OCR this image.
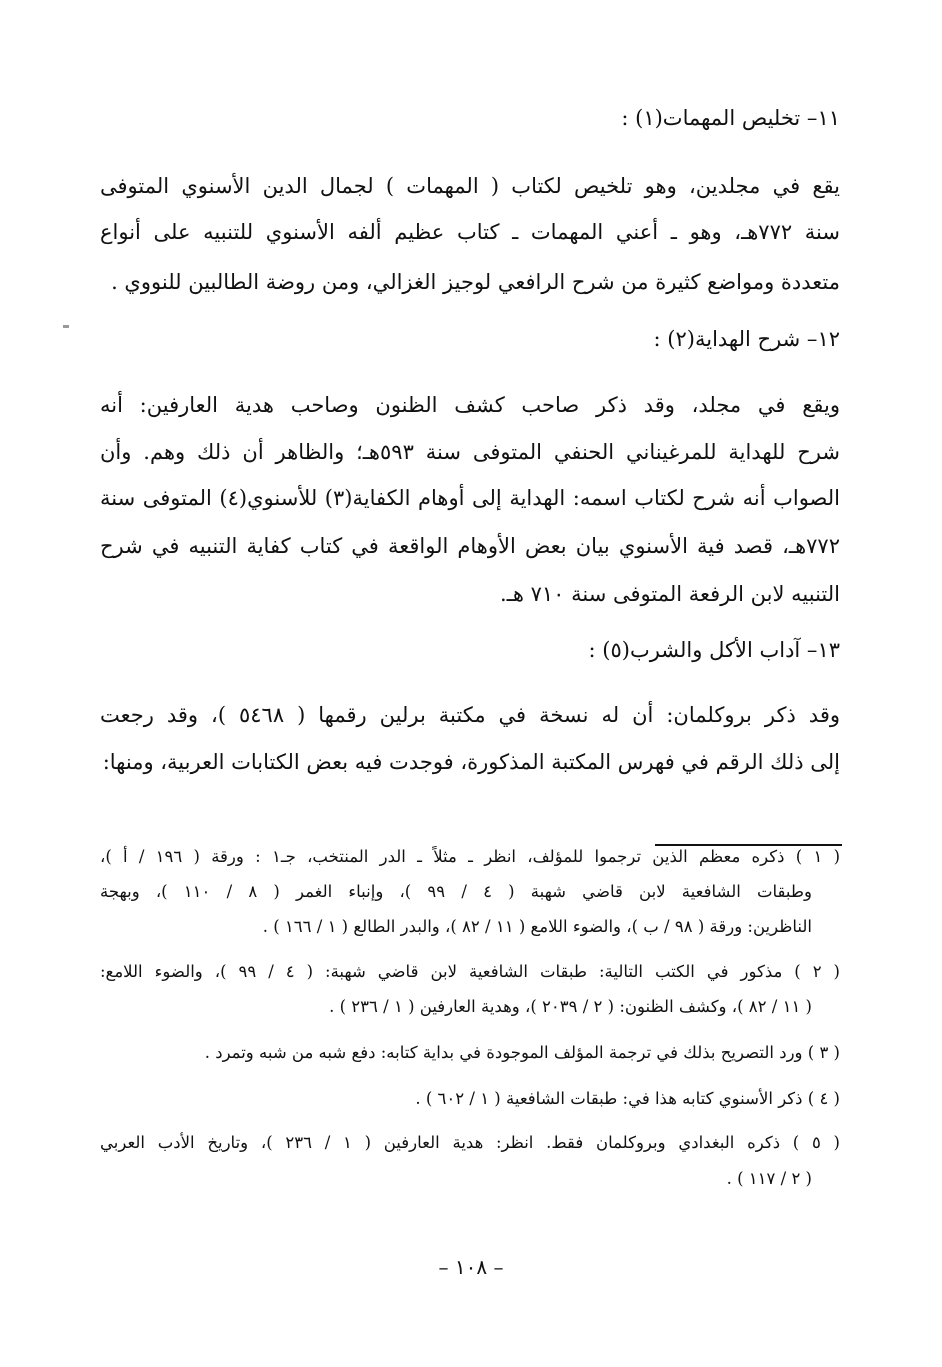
١١– تخليص المهمات(١) :
يقع في مجلدين، وهو تلخيص لكتاب ( المهمات ) لجمال الدين الأسنوي المتوفى
سنة ٧٧٢هـ، وهو ـ أعني المهمات ـ كتاب عظيم ألفه الأسنوي للتنبيه على أنواع
متعددة ومواضع كثيرة من شرح الرافعي لوجيز الغزالي، ومن روضة الطالبين للنووي .
١٢– شرح الهداية(٢) :
ويقع في مجلد، وقد ذكر صاحب كشف الظنون وصاحب هدية العارفين: أنه
شرح للهداية للمرغيناني الحنفي المتوفى سنة ٥٩٣هـ؛ والظاهر أن ذلك وهم. وأن
الصواب أنه شرح لكتاب اسمه: الهداية إلى أوهام الكفاية(٣) للأسنوي(٤) المتوفى سنة
٧٧٢هـ، قصد فية الأسنوي بيان بعض الأوهام الواقعة في كتاب كفاية التنبيه في شرح
التنبيه لابن الرفعة المتوفى سنة ٧١٠ هـ.
١٣– آداب الأكل والشرب(٥) :
وقد ذكر بروكلمان: أن له نسخة في مكتبة برلين رقمها ( ٥٤٦٨ )، وقد رجعت
إلى ذلك الرقم في فهرس المكتبة المذكورة، فوجدت فيه بعض الكتابات العربية، ومنها:
( ١ ) ذكره معظم الذين ترجموا للمؤلف، انظر ـ مثلاً ـ الدر المنتخب، جـ١ : ورقة ( ١٩٦ / أ )،
وطبقات الشافعية لابن قاضي شهبة ( ٤ / ٩٩ )، وإنباء الغمر ( ٨ / ١١٠ )، وبهجة
الناظرين: ورقة ( ٩٨ / ب )، والضوء اللامع ( ١١ / ٨٢ )، والبدر الطالع ( ١ / ١٦٦ ) .
( ٢ ) مذكور في الكتب التالية: طبقات الشافعية لابن قاضي شهبة: ( ٤ / ٩٩ )، والضوء اللامع:
( ١١ / ٨٢ )، وكشف الظنون: ( ٢ / ٢٠٣٩ )، وهدية العارفين ( ١ / ٢٣٦ ) .
( ٣ ) ورد التصريح بذلك في ترجمة المؤلف الموجودة في بداية كتابه: دفع شبه من شبه وتمرد .
( ٤ ) ذكر الأسنوي كتابه هذا في: طبقات الشافعية ( ١ / ٦٠٢ ) .
( ٥ ) ذكره البغدادي وبروكلمان فقط. انظر: هدية العارفين ( ١ / ٢٣٦ )، وتاريخ الأدب العربي
( ٢ / ١١٧ ) .
– ١٠٨ –
